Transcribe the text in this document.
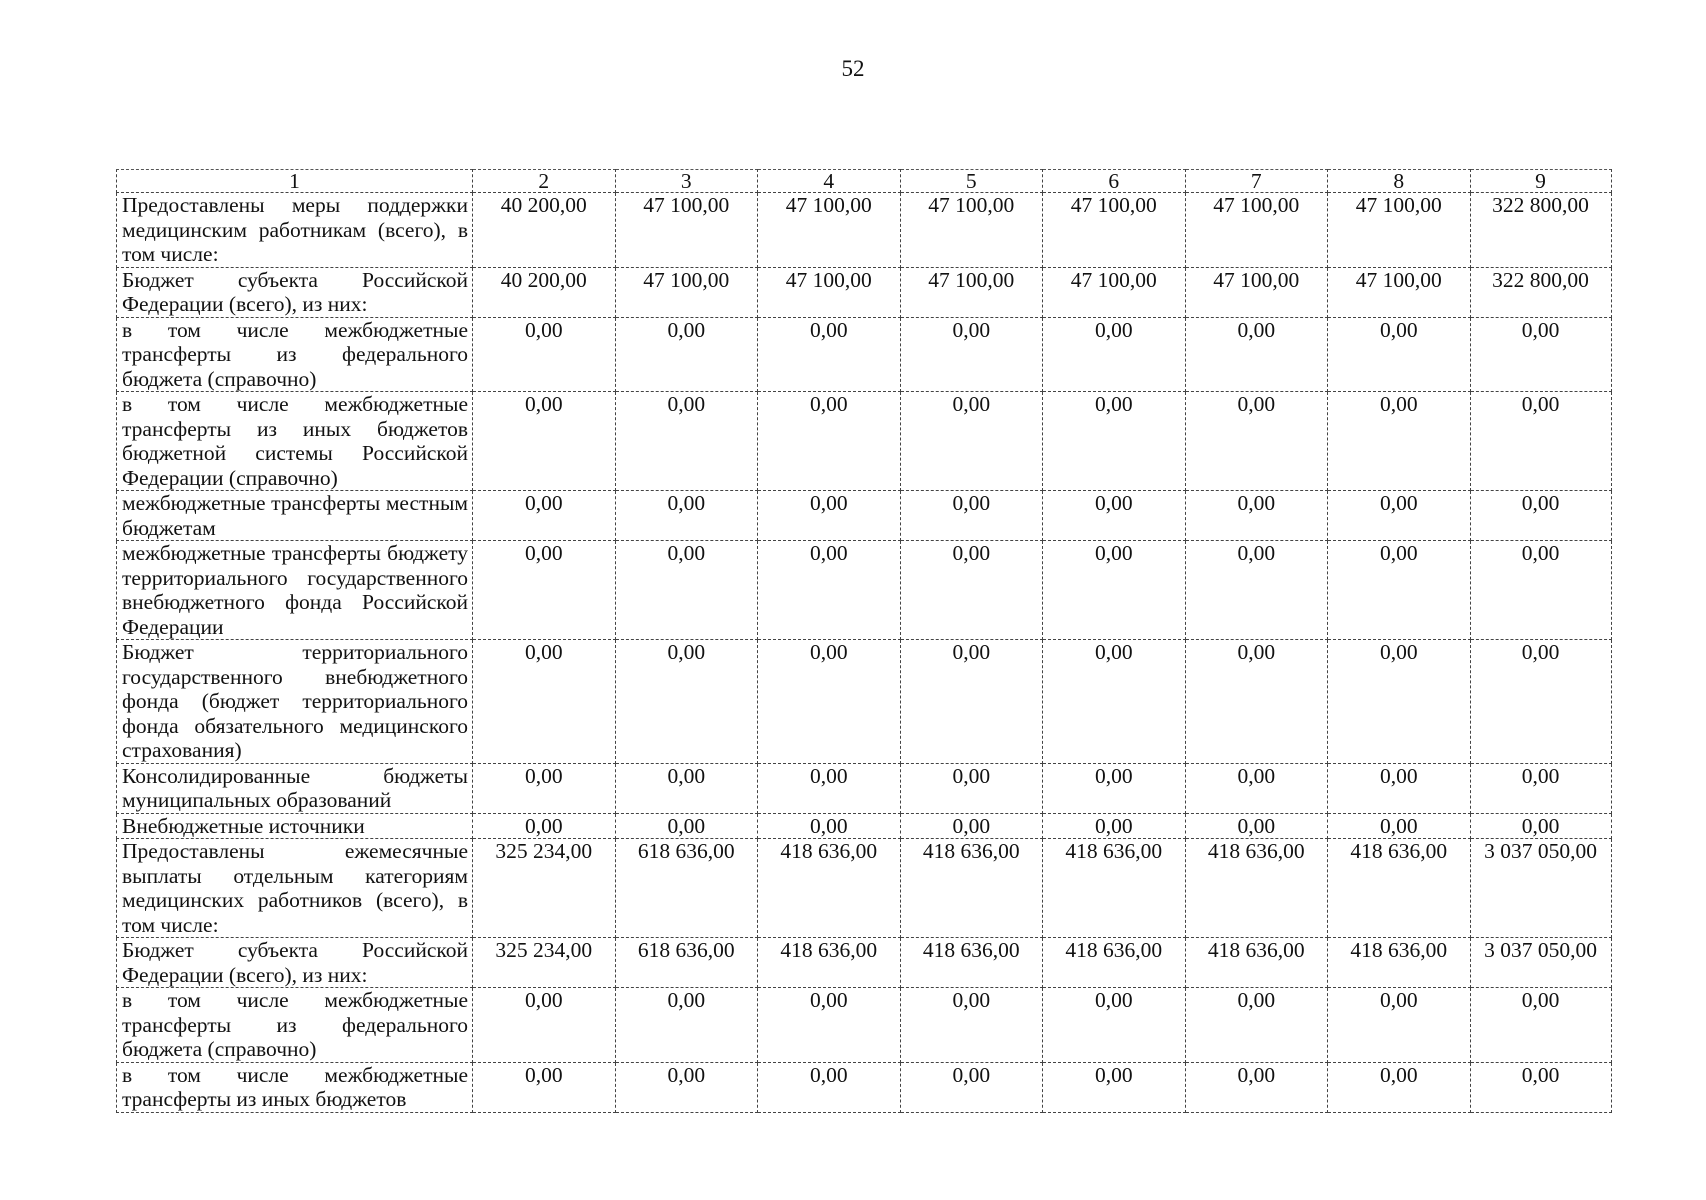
52
1	2	3	4	5	6	7	8	9
Предоставлены меры поддержки медицинским работникам (всего), в том числе:	40 200,00	47 100,00	47 100,00	47 100,00	47 100,00	47 100,00	47 100,00	322 800,00
Бюджет субъекта Российской Федерации (всего), из них:	40 200,00	47 100,00	47 100,00	47 100,00	47 100,00	47 100,00	47 100,00	322 800,00
в том числе межбюджетные трансферты из федерального бюджета (справочно)	0,00	0,00	0,00	0,00	0,00	0,00	0,00	0,00
в том числе межбюджетные трансферты из иных бюджетов бюджетной системы Российской Федерации (справочно)	0,00	0,00	0,00	0,00	0,00	0,00	0,00	0,00
межбюджетные трансферты местным бюджетам	0,00	0,00	0,00	0,00	0,00	0,00	0,00	0,00
межбюджетные трансферты бюджету территориального государственного внебюджетного фонда Российской Федерации	0,00	0,00	0,00	0,00	0,00	0,00	0,00	0,00
Бюджет территориального государственного внебюджетного фонда (бюджет территориального фонда обязательного медицинского страхования)	0,00	0,00	0,00	0,00	0,00	0,00	0,00	0,00
Консолидированные бюджеты муниципальных образований	0,00	0,00	0,00	0,00	0,00	0,00	0,00	0,00
Внебюджетные источники	0,00	0,00	0,00	0,00	0,00	0,00	0,00	0,00
Предоставлены ежемесячные выплаты отдельным категориям медицинских работников (всего), в том числе:	325 234,00	618 636,00	418 636,00	418 636,00	418 636,00	418 636,00	418 636,00	3 037 050,00
Бюджет субъекта Российской Федерации (всего), из них:	325 234,00	618 636,00	418 636,00	418 636,00	418 636,00	418 636,00	418 636,00	3 037 050,00
в том числе межбюджетные трансферты из федерального бюджета (справочно)	0,00	0,00	0,00	0,00	0,00	0,00	0,00	0,00
в том числе межбюджетные трансферты из иных бюджетов	0,00	0,00	0,00	0,00	0,00	0,00	0,00	0,00
